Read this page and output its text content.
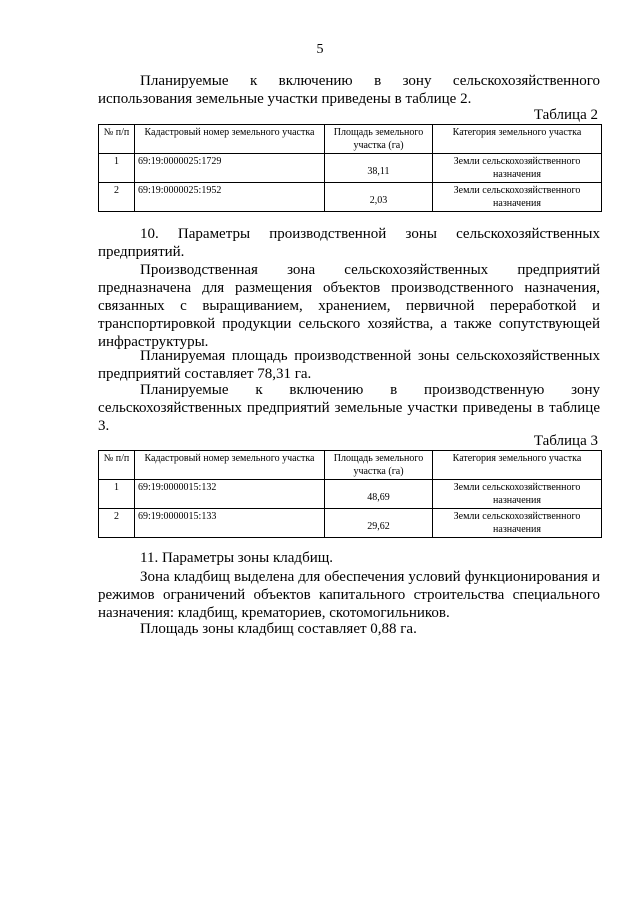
5

Планируемые к включению в зону сельскохозяйственного использования земельные участки приведены в таблице 2.

Таблица 2
№ п/п	Кадастровый номер земельного участка	Площадь земельного участка (га)	Категория земельного участка
1	69:19:0000025:1729	38,11	Земли сельскохозяйственного назначения
2	69:19:0000025:1952	2,03	Земли сельскохозяйственного назначения

10. Параметры производственной зоны сельскохозяйственных предприятий.

Производственная зона сельскохозяйственных предприятий предназначена для размещения объектов производственного назначения, связанных с выращиванием, хранением, первичной переработкой и транспортировкой продукции сельского хозяйства, а также сопутствующей инфраструктуры.

Планируемая площадь производственной зоны сельскохозяйственных предприятий составляет 78,31 га.

Планируемые к включению в производственную зону сельскохозяйственных предприятий земельные участки приведены в таблице 3.

Таблица 3
№ п/п	Кадастровый номер земельного участка	Площадь земельного участка (га)	Категория земельного участка
1	69:19:0000015:132	48,69	Земли сельскохозяйственного назначения
2	69:19:0000015:133	29,62	Земли сельскохозяйственного назначения

11. Параметры зоны кладбищ.

Зона кладбищ выделена для обеспечения условий функционирования и режимов ограничений объектов капитального строительства специального назначения: кладбищ, крематориев, скотомогильников.

Площадь зоны кладбищ составляет 0,88 га.
